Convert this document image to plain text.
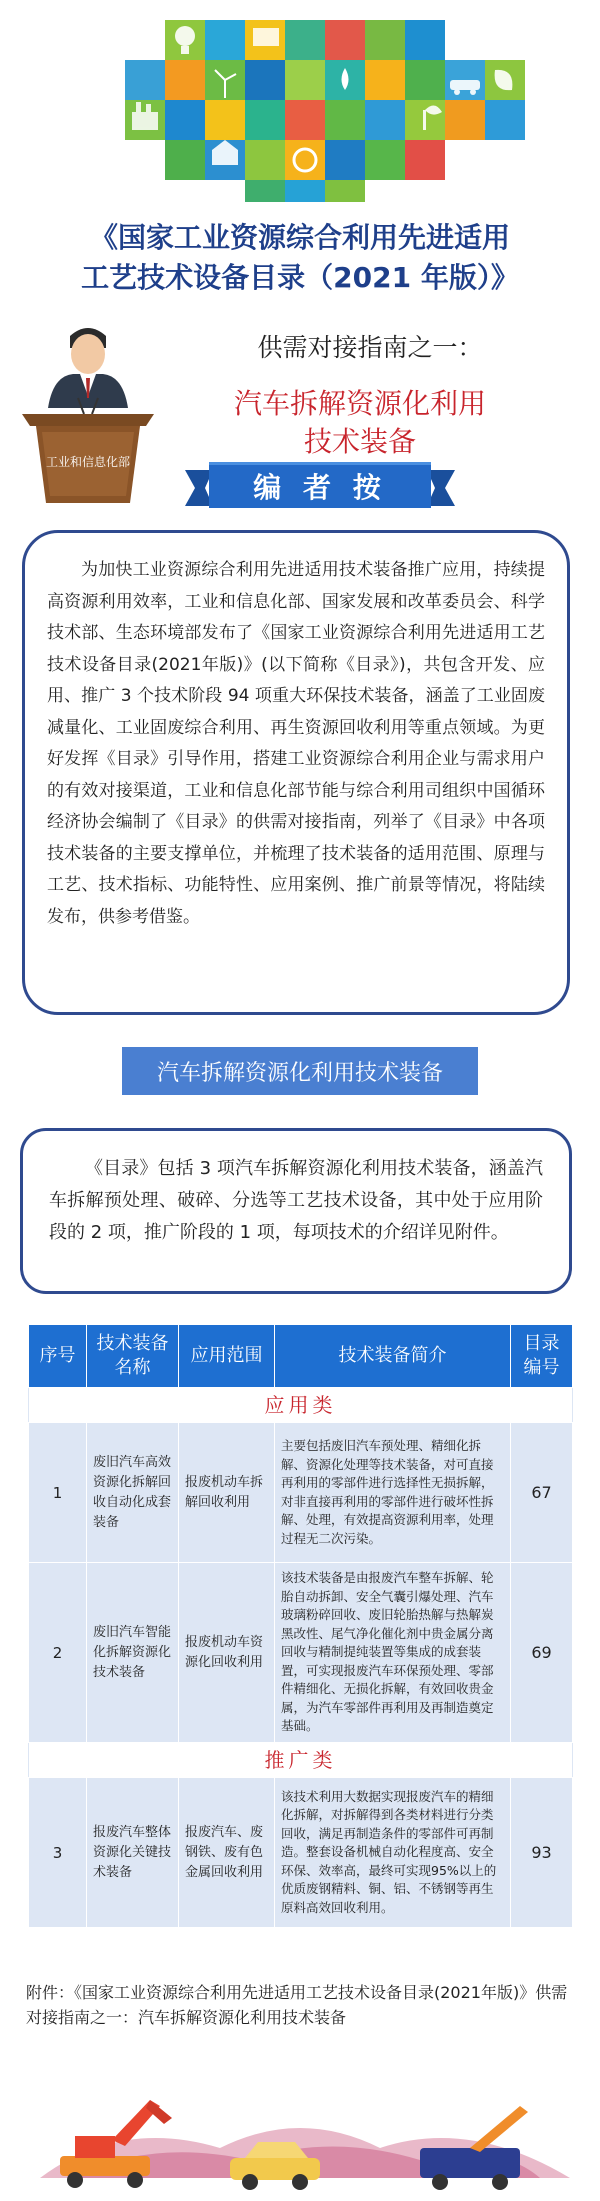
《国家工业资源综合利用先进适用
工艺技术设备目录（2021 年版）》
工业和信息化部
供需对接指南之一：
汽车拆解资源化利用
技术装备
编 者 按

为加快工业资源综合利用先进适用技术装备推广应用，持续提高资源利用效率，工业和信息化部、国家发展和改革委员会、科学技术部、生态环境部发布了《国家工业资源综合利用先进适用工艺技术设备目录(2021年版)》(以下简称《目录》)，共包含开发、应用、推广 3 个技术阶段 94 项重大环保技术装备，涵盖了工业固废减量化、工业固废综合利用、再生资源回收利用等重点领域。为更好发挥《目录》引导作用，搭建工业资源综合利用企业与需求用户的有效对接渠道，工业和信息化部节能与综合利用司组织中国循环经济协会编制了《目录》的供需对接指南，列举了《目录》中各项技术装备的主要支撑单位，并梳理了技术装备的适用范围、原理与工艺、技术指标、功能特性、应用案例、推广前景等情况，将陆续发布，供参考借鉴。

汽车拆解资源化利用技术装备

《目录》包括 3 项汽车拆解资源化利用技术装备，涵盖汽车拆解预处理、破碎、分选等工艺技术设备，其中处于应用阶段的 2 项，推广阶段的 1 项，每项技术的介绍详见附件。

序号	技术装备名称	应用范围	技术装备简介	目录编号
应用类				
1	废旧汽车高效资源化拆解回收自动化成套装备	报废机动车拆解回收利用	主要包括废旧汽车预处理、精细化拆解、资源化处理等技术装备，对可直接再利用的零部件进行选择性无损拆解，对非直接再利用的零部件进行破坏性拆解、处理，有效提高资源利用率，处理过程无二次污染。	67
2	废旧汽车智能化拆解资源化技术装备	报废机动车资源化回收利用	该技术装备是由报废汽车整车拆解、轮胎自动拆卸、安全气囊引爆处理、汽车玻璃粉碎回收、废旧轮胎热解与热解炭黑改性、尾气净化催化剂中贵金属分离回收与精制提纯装置等集成的成套装置，可实现报废汽车环保预处理、零部件精细化、无损化拆解，有效回收贵金属，为汽车零部件再利用及再制造奠定基础。	69
推广类				
3	报废汽车整体资源化关键技术装备	报废汽车、废钢铁、废有色金属回收利用	该技术利用大数据实现报废汽车的精细化拆解，对拆解得到各类材料进行分类回收，满足再制造条件的零部件可再制造。整套设备机械自动化程度高、安全环保、效率高，最终可实现95%以上的优质废钢精料、铜、铝、不锈钢等再生原料高效回收利用。	93
附件：《国家工业资源综合利用先进适用工艺技术设备目录(2021年版)》供需对接指南之一：汽车拆解资源化利用技术装备
